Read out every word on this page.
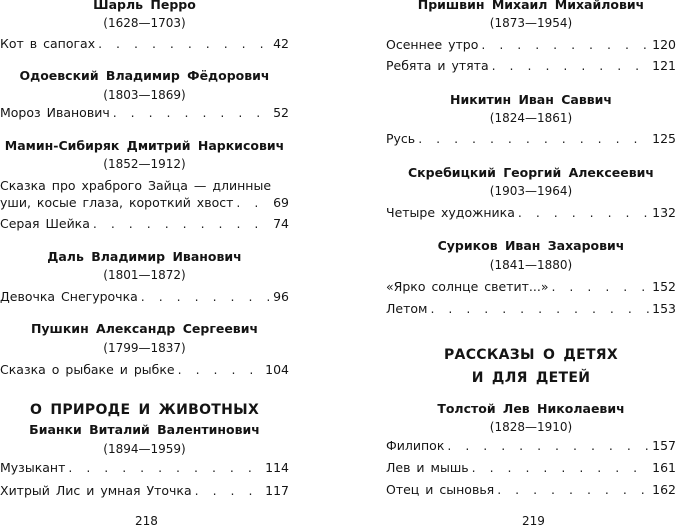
Шарль Перро
(1628—1703)
Кот в сапогах . . .	42
Одоевский Владимир Фёдорович
(1803—1869)
Мороз Иванович . . .	52
Мамин-Сибиряк Дмитрий Наркисович
(1852—1912)
Сказка про храброго Зайца — длинные
уши, косые глаза, короткий хвост . . .	69
Серая Шейка . . .	74
Даль Владимир Иванович
(1801—1872)
Девочка Снегурочка . . .	96
Пушкин Александр Сергеевич
(1799—1837)
Сказка о рыбаке и рыбке . . .	104
О ПРИРОДЕ И ЖИВОТНЫХ
Бианки Виталий Валентинович
(1894—1959)
Музыкант . . .	114
Хитрый Лис и умная Уточка . . .	117
218
Пришвин Михаил Михайлович
(1873—1954)
Осеннее утро . . .	120
Ребята и утята . . .	121
Никитин Иван Саввич
(1824—1861)
Русь . . .	125
Скребицкий Георгий Алексеевич
(1903—1964)
Четыре художника . . .	132
Суриков Иван Захарович
(1841—1880)
«Ярко солнце светит...» . . .	152
Летом . . .	153
РАССКАЗЫ О ДЕТЯХ
И ДЛЯ ДЕТЕЙ
Толстой Лев Николаевич
(1828—1910)
Филипок . . .	157
Лев и мышь . . .	161
Отец и сыновья . . .	162
219
